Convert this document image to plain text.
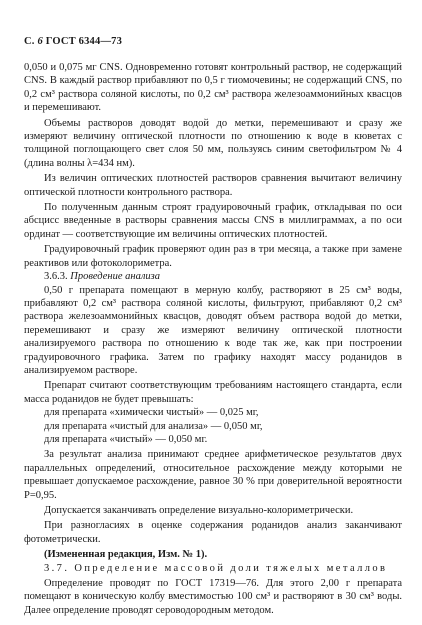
С. 6 ГОСТ 6344—73

0,050 и 0,075 мг CNS. Одновременно готовят контрольный раствор, не содержащий CNS. В каждый раствор прибавляют по 0,5 г тиомочевины; не содержащий CNS, по 0,2 см³ раствора соляной кислоты, по 0,2 см³ раствора железоаммонийных квасцов и перемешивают.

Объемы растворов доводят водой до метки, перемешивают и сразу же измеряют величину оптической плотности по отношению к воде в кюветах с толщиной поглощающего свет слоя 50 мм, пользуясь синим светофильтром № 4 (длина волны λ=434 нм).

Из величин оптических плотностей растворов сравнения вычитают величину оптической плотности контрольного раствора.

По полученным данным строят градуировочный график, откладывая по оси абсцисс введенные в растворы сравнения массы CNS в миллиграммах, а по оси ординат — соответствующие им величины оптических плотностей.

Градуировочный график проверяют один раз в три месяца, а также при замене реактивов или фотоколориметра.

3.6.3. Проведение анализа

0,50 г препарата помещают в мерную колбу, растворяют в 25 см³ воды, прибавляют 0,2 см³ раствора соляной кислоты, фильтруют, прибавляют 0,2 см³ раствора железоаммонийных квасцов, доводят объем раствора водой до метки, перемешивают и сразу же измеряют величину оптической плотности анализируемого раствора по отношению к воде так же, как при построении градуировочного графика. Затем по графику находят массу роданидов в анализируемом растворе.

Препарат считают соответствующим требованиям настоящего стандарта, если масса роданидов не будет превышать:

для препарата «химически чистый» — 0,025 мг,

для препарата «чистый для анализа» — 0,050 мг,

для препарата «чистый» — 0,050 мг.

За результат анализа принимают среднее арифметическое результатов двух параллельных определений, относительное расхождение между которыми не превышает допускаемое расхождение, равное 30 % при доверительной вероятности P=0,95.

Допускается заканчивать определение визуально-колориметрически.

При разногласиях в оценке содержания роданидов анализ заканчивают фотометрически.

(Измененная редакция, Изм. № 1).

3.7. Определение массовой доли тяжелых металлов

Определение проводят по ГОСТ 17319—76. Для этого 2,00 г препарата помещают в коническую колбу вместимостью 100 см³ и растворяют в 30 см³ воды. Далее определение проводят сероводородным методом.
